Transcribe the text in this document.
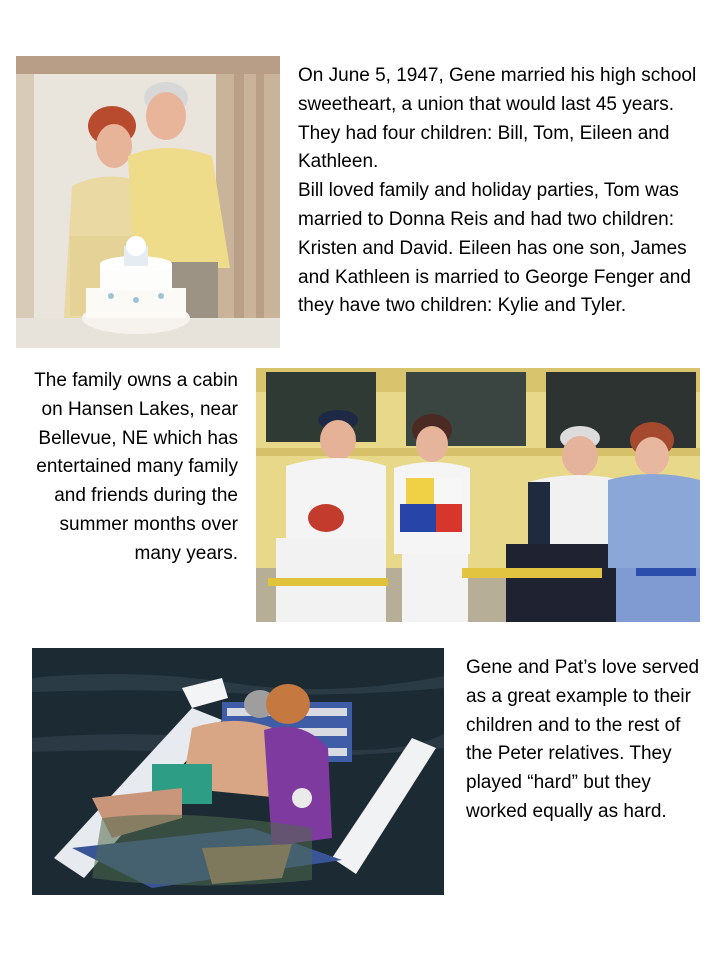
On June 5, 1947, Gene married his high school sweetheart, a union that would last 45 years. They had four children: Bill, Tom, Eileen and Kathleen.

Bill loved family and holiday parties, Tom was married to Donna Reis and had two children: Kristen and David. Eileen has one son, James and Kathleen is married to George Fenger and they have two children: Kylie and Tyler.

The family owns a cabin on Hansen Lakes, near Bellevue, NE which has entertained many family and friends during the summer months over many years.

Gene and Pat’s love served as a great example to their children and to the rest of the Peter relatives. They played “hard” but they worked equally as hard.
